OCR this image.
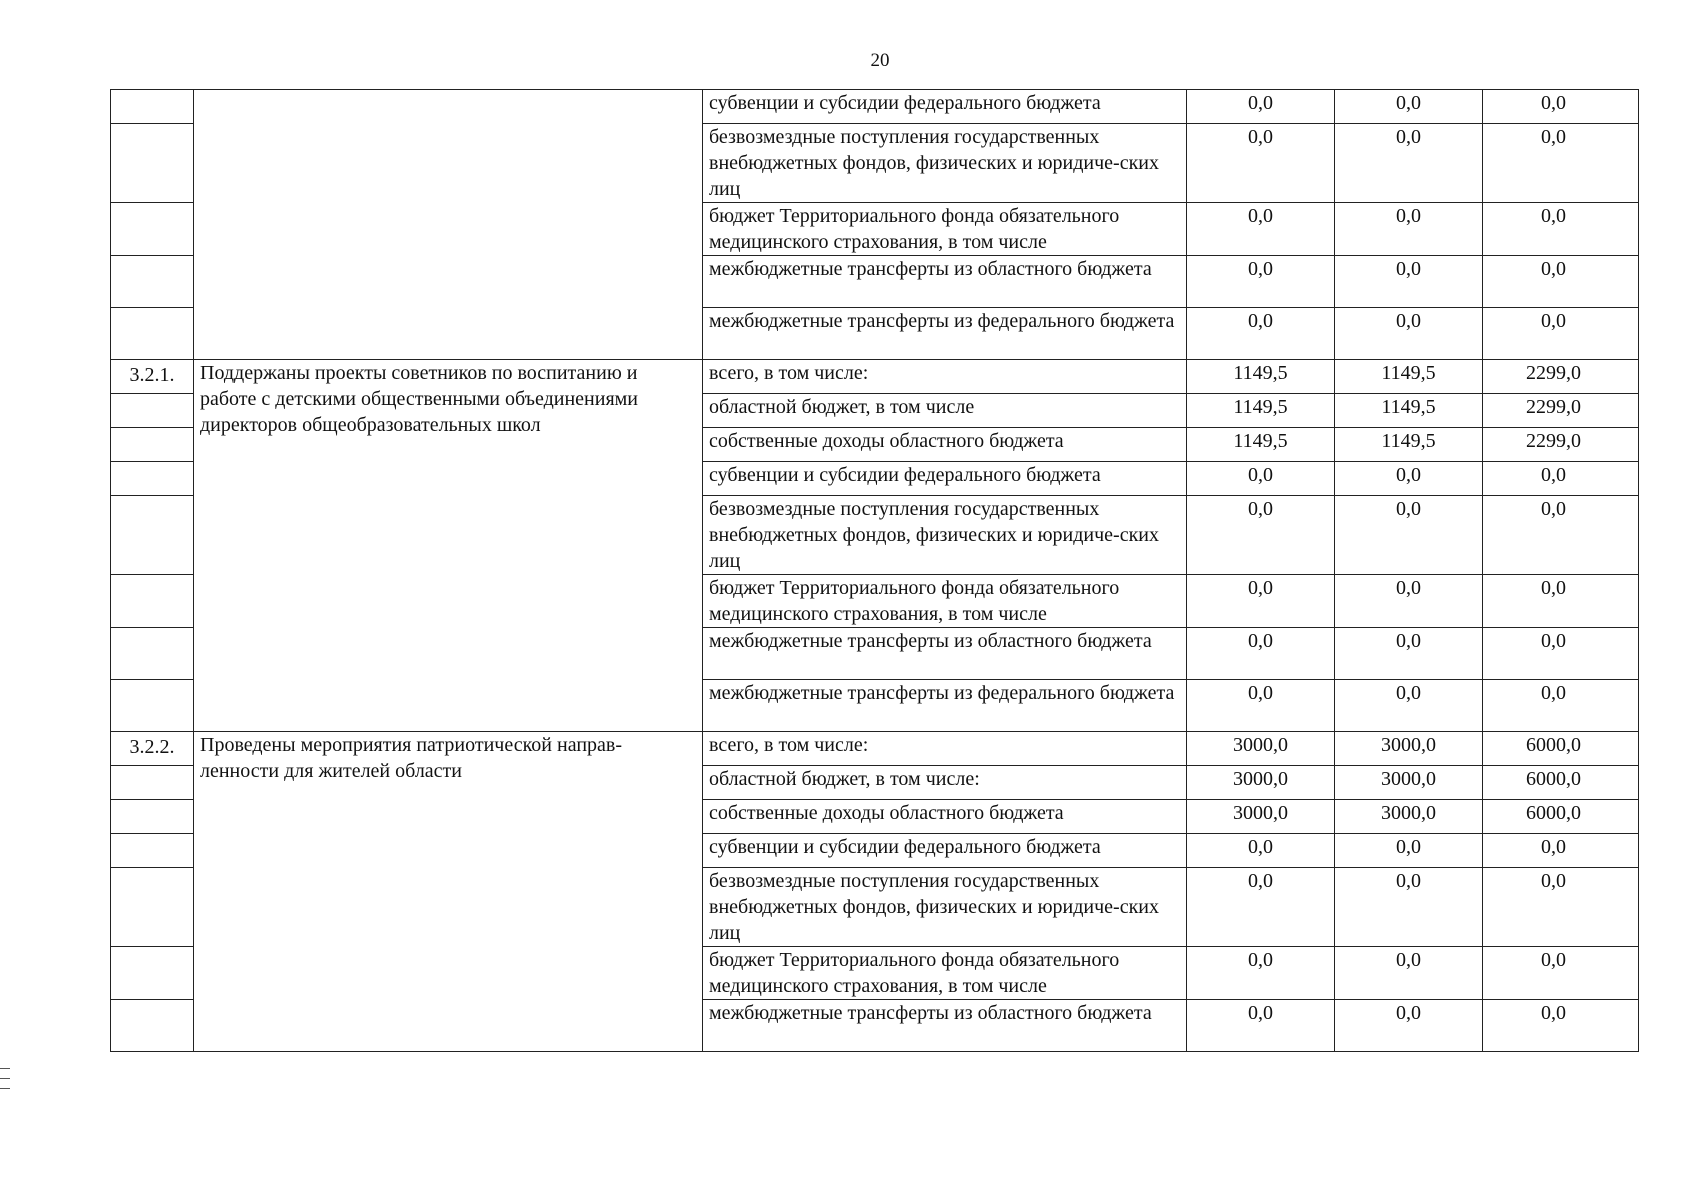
20
		субвенции и субсидии федерального бюджета	0,0	0,0	0,0
		безвозмездные поступления государственных внебюджетных фондов, физических и юридиче-ских лиц	0,0	0,0	0,0
		бюджет Территориального фонда обязательного медицинского страхования, в том числе	0,0	0,0	0,0
		межбюджетные трансферты из областного бюджета	0,0	0,0	0,0
		межбюджетные трансферты из федерального бюджета	0,0	0,0	0,0
3.2.1.	Поддержаны проекты советников по воспитанию и работе с детскими общественными объединениями директоров общеобразовательных школ	всего, в том числе:	1149,5	1149,5	2299,0
		областной бюджет, в том числе	1149,5	1149,5	2299,0
		собственные доходы областного бюджета	1149,5	1149,5	2299,0
		субвенции и субсидии федерального бюджета	0,0	0,0	0,0
		безвозмездные поступления государственных внебюджетных фондов, физических и юридиче-ских лиц	0,0	0,0	0,0
		бюджет Территориального фонда обязательного медицинского страхования, в том числе	0,0	0,0	0,0
		межбюджетные трансферты из областного бюджета	0,0	0,0	0,0
		межбюджетные трансферты из федерального бюджета	0,0	0,0	0,0
3.2.2.	Проведены мероприятия патриотической направ-ленности для жителей области	всего, в том числе:	3000,0	3000,0	6000,0
		областной бюджет, в том числе:	3000,0	3000,0	6000,0
		собственные доходы областного бюджета	3000,0	3000,0	6000,0
		субвенции и субсидии федерального бюджета	0,0	0,0	0,0
		безвозмездные поступления государственных внебюджетных фондов, физических и юридиче-ских лиц	0,0	0,0	0,0
		бюджет Территориального фонда обязательного медицинского страхования, в том числе	0,0	0,0	0,0
		межбюджетные трансферты из областного бюджета	0,0	0,0	0,0
